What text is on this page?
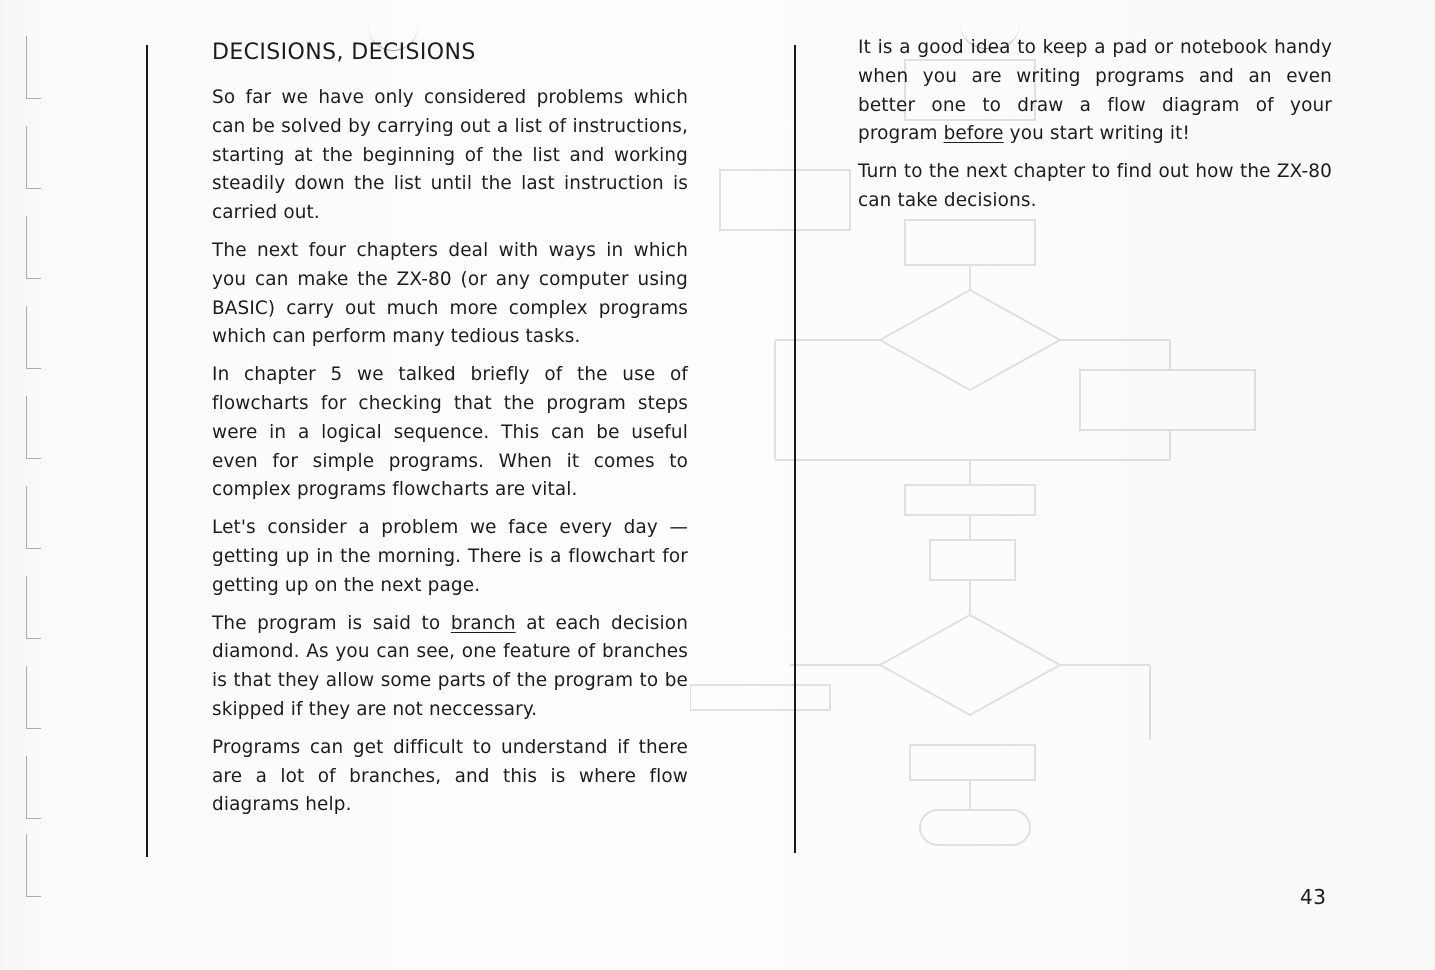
DECISIONS, DECISIONS

So far we have only considered problems which can be solved by carrying out a list of instructions, starting at the beginning of the list and working steadily down the list until the last instruction is carried out.

The next four chapters deal with ways in which you can make the ZX-80 (or any computer using BASIC) carry out much more complex programs which can perform many tedious tasks.

In chapter 5 we talked briefly of the use of flowcharts for checking that the program steps were in a logical sequence. This can be useful even for simple programs. When it comes to complex programs flowcharts are vital.

Let's consider a problem we face every day — getting up in the morning. There is a flowchart for getting up on the next page.

The program is said to branch at each decision diamond. As you can see, one feature of branches is that they allow some parts of the program to be skipped if they are not neccessary.

Programs can get difficult to understand if there are a lot of branches, and this is where flow diagrams help.

It is a good idea to keep a pad or notebook handy when you are writing programs and an even better one to draw a flow diagram of your program before you start writing it!

Turn to the next chapter to find out how the ZX-80 can take decisions.

43
